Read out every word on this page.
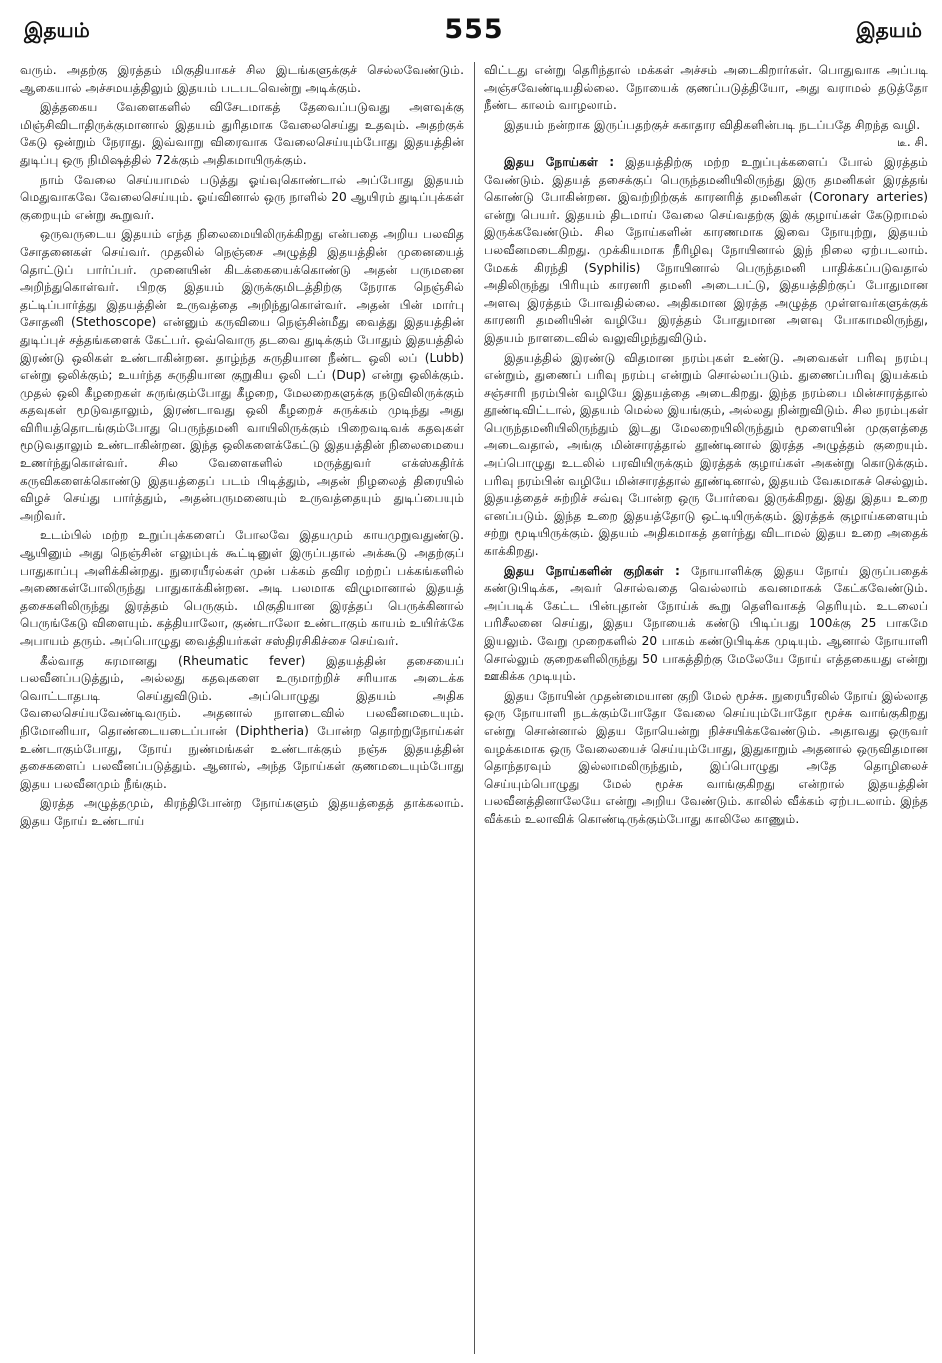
இதயம்	555	இதயம்

வரும். அதற்கு இரத்தம் மிகுதியாகச் சில இடங்களுக்குச் செல்லவேண்டும். ஆகையால் அச்சமயத்திலும் இதயம் படபடவென்று அடிக்கும்.

இத்தகைய வேளைகளில் விசேடமாகத் தேவைப்படுவது அளவுக்கு மிஞ்சிவிடாதிருக்குமானால் இதயம் துரிதமாக வேலைசெய்து உதவும். அதற்குக் கேடு ஒன்றும் நேராது. இவ்வாறு விரைவாக வேலைசெய்யும்போது இதயத்தின் துடிப்பு ஒரு நிமிஷத்தில் 72க்கும் அதிகமாயிருக்கும்.

நாம் வேலை செய்யாமல் படுத்து ஓய்வுகொண்டால் அப்போது இதயம் மெதுவாகவே வேலைசெய்யும். ஓய்வினால் ஒரு நாளில் 20 ஆயிரம் துடிப்புக்கள் குறையும் என்று கூறுவர்.

ஒருவருடைய இதயம் எந்த நிலைமையிலிருக்கிறது என்பதை அறிய பலவித சோதனைகள் செய்வர். முதலில் நெஞ்சை அழுத்தி இதயத்தின் முனையைத் தொட்டுப் பார்ப்பர். முனையின் கிடக்கையைக்கொண்டு அதன் பருமனை அறிந்துகொள்வர். பிறகு இதயம் இருக்குமிடத்திற்கு நேராக நெஞ்சில் தட்டிப்பார்த்து இதயத்தின் உருவத்தை அறிந்துகொள்வர். அதன் பின் மார்பு சோதனி (Stethoscope) என்னும் கருவியை நெஞ்சின்மீது வைத்து இதயத்தின் துடிப்புச் சத்தங்களைக் கேட்பர். ஒவ்வொரு தடவை துடிக்கும் போதும் இதயத்தில் இரண்டு ஒலிகள் உண்டாகின்றன. தாழ்ந்த சுருதியான நீண்ட ஒலி லப் (Lubb) என்று ஒலிக்கும்; உயர்ந்த சுருதியான குறுகிய ஒலி டப் (Dup) என்று ஒலிக்கும். முதல் ஒலி கீழறைகள் சுருங்கும்போது கீழறை, மேலறைகளுக்கு நடுவிலிருக்கும் கதவுகள் மூடுவதாலும், இரண்டாவது ஒலி கீழறைச் சுருக்கம் முடிந்து அது விரியத்தொடங்கும்போது பெருந்தமனி வாயிலிருக்கும் பிறைவடிவக் கதவுகள் மூடுவதாலும் உண்டாகின்றன. இந்த ஒலிகளைக்கேட்டு இதயத்தின் நிலைமையை உணர்ந்துகொள்வர். சில வேளைகளில் மருத்துவர் எக்ஸ்கதிர்க் கருவிகளைக்கொண்டு இதயத்தைப் படம் பிடித்தும், அதன் நிழலைத் திரையில் விழச் செய்து பார்த்தும், அதன்பருமனையும் உருவத்தையும் துடிப்பையும் அறிவர்.

உடம்பில் மற்ற உறுப்புக்களைப் போலவே இதயமும் காயமுறுவதுண்டு. ஆயினும் அது நெஞ்சின் எலும்புக் கூட்டினுள் இருப்பதால் அக்கூடு அதற்குப் பாதுகாப்பு அளிக்கின்றது. நுரையீரல்கள் முன் பக்கம் தவிர மற்றப் பக்கங்களில் அணைகள்போலிருந்து பாதுகாக்கின்றன. அடி பலமாக விழுமானால் இதயத் தசைகளிலிருந்து இரத்தம் பெருகும். மிகுதியான இரத்தப் பெருக்கினால் பெருங்கேடு விளையும். கத்தியாலோ, குண்டாலோ உண்டாகும் காயம் உயிர்க்கே அபாயம் தரும். அப்பொழுது வைத்தியர்கள் சஸ்திரசிகிச்சை செய்வர்.

கீல்வாத சுரமானது (Rheumatic fever) இதயத்தின் தசையைப் பலவீனப்படுத்தும், அல்லது கதவுகளை உருமாற்றிச் சரியாக அடைக்க வொட்டாதபடி செய்துவிடும். அப்பொழுது இதயம் அதிக வேலைசெய்யவேண்டிவரும். அதனால் நாளடைவில் பலவீனமடையும். நிமோனியா, தொண்டையடைப்பான் (Diphtheria) போன்ற தொற்றுநோய்கள் உண்டாகும்போது, நோய் நுண்மங்கள் உண்டாக்கும் நஞ்சு இதயத்தின் தசைகளைப் பலவீனப்படுத்தும். ஆனால், அந்த நோய்கள் குணமடையும்போது இதய பலவீனமும் நீங்கும்.

இரத்த அழுத்தமும், கிரந்திபோன்ற நோய்களும் இதயத்தைத் தாக்கலாம். இதய நோய் உண்டாய்

விட்டது என்று தெரிந்தால் மக்கள் அச்சம் அடைகிறார்கள். பொதுவாக அப்படி அஞ்சவேண்டியதில்லை. நோயைக் குணப்படுத்தியோ, அது வராமல் தடுத்தோ நீண்ட காலம் வாழலாம்.

இதயம் நன்றாக இருப்பதற்குச் சுகாதார விதிகளின்படி நடப்பதே சிறந்த வழி.

டீ. சி.

இதய நோய்கள் : இதயத்திற்கு மற்ற உறுப்புக்களைப் போல் இரத்தம் வேண்டும். இதயத் தசைக்குப் பெருந்தமனியிலிருந்து இரு தமனிகள் இரத்தங் கொண்டு போகின்றன. இவற்றிற்குக் காரனரித் தமனிகள் (Coronary arteries) என்று பெயர். இதயம் திடமாய் வேலை செய்வதற்கு இக் குழாய்கள் கேடுறாமல் இருக்கவேண்டும். சில நோய்களின் காரணமாக இவை நோயுற்று, இதயம் பலவீனமடைகிறது. முக்கியமாக நீரிழிவு நோயினால் இந் நிலை ஏற்படலாம். மேகக் கிரந்தி (Syphilis) நோயினால் பெருந்தமனி பாதிக்கப்படுவதால் அதிலிருந்து பிரியும் காரனரி தமனி அடைபட்டு, இதயத்திற்குப் போதுமான அளவு இரத்தம் போவதில்லை. அதிகமான இரத்த அழுத்த முள்ளவர்களுக்குக் காரனரி தமனியின் வழியே இரத்தம் போதுமான அளவு போகாமலிருந்து, இதயம் நாளடைவில் வலுவிழந்துவிடும்.

இதயத்தில் இரண்டு விதமான நரம்புகள் உண்டு. அவைகள் பரிவு நரம்பு என்றும், துணைப் பரிவு நரம்பு என்றும் சொல்லப்படும். துணைப்பரிவு இயக்கம் சஞ்சாரி நரம்பின் வழியே இதயத்தை அடைகிறது. இந்த நரம்பை மின்சாரத்தால் தூண்டிவிட்டால், இதயம் மெல்ல இயங்கும், அல்லது நின்றுவிடும். சில நரம்புகள் பெருந்தமனியிலிருந்தும் இடது மேலறையிலிருந்தும் மூளையின் முகுளத்தை அடைவதால், அங்கு மின்சாரத்தால் தூண்டினால் இரத்த அழுத்தம் குறையும். அப்பொழுது உடலில் பரவியிருக்கும் இரத்தக் குழாய்கள் அகன்று கொடுக்கும். பரிவு நரம்பின் வழியே மின்சாரத்தால் தூண்டினால், இதயம் வேகமாகச் செல்லும். இதயத்தைச் சுற்றிச் சவ்வு போன்ற ஒரு போர்வை இருக்கிறது. இது இதய உறை எனப்படும். இந்த உறை இதயத்தோடு ஒட்டியிருக்கும். இரத்தக் குழாய்களையும் சற்று மூடியிருக்கும். இதயம் அதிகமாகத் தளர்ந்து விடாமல் இதய உறை அதைக் காக்கிறது.

இதய நோய்களின் குறிகள் : நோயாளிக்கு இதய நோய் இருப்பதைக் கண்டுபிடிக்க, அவர் சொல்வதை வெல்லாம் கவனமாகக் கேட்கவேண்டும். அப்படிக் கேட்ட பின்புதான் நோய்க் கூறு தெளிவாகத் தெரியும். உடலைப் பரிசீலனை செய்து, இதய நோயைக் கண்டு பிடிப்பது 100க்கு 25 பாகமே இயலும். வேறு முறைகளில் 20 பாகம் கண்டுபிடிக்க முடியும். ஆனால் நோயாளி சொல்லும் குறைகளிலிருந்து 50 பாகத்திற்கு மேலேயே நோய் எத்தகையது என்று ஊகிக்க முடியும்.

இதய நோயின் முதன்மையான குறி மேல் மூச்சு. நுரையீரலில் நோய் இல்லாத ஒரு நோயாளி நடக்கும்போதோ வேலை செய்யும்போதோ மூச்சு வாங்குகிறது என்று சொன்னால் இதய நோயென்று நிச்சயிக்கவேண்டும். அதாவது ஒருவர் வழக்கமாக ஒரு வேலையைச் செய்யும்போது, இதுகாறும் அதனால் ஒருவிதமான தொந்தரவும் இல்லாமலிருந்தும், இப்பொழுது அதே தொழிலைச் செய்யும்பொழுது மேல் மூச்சு வாங்குகிறது என்றால் இதயத்தின் பலவீனத்தினாலேயே என்று அறிய வேண்டும். காலில் வீக்கம் ஏற்படலாம். இந்த வீக்கம் உலாவிக் கொண்டிருக்கும்போது காலிலே காணும்.
